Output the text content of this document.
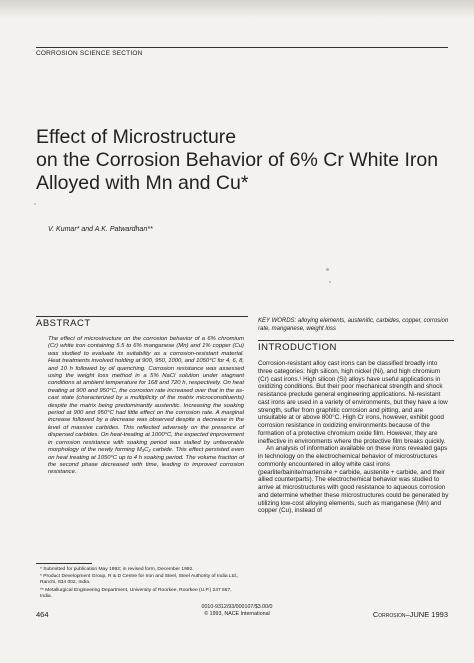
CORROSION SCIENCE SECTION
Effect of Microstructure
on the Corrosion Behavior of 6% Cr White Iron
Alloyed with Mn and Cu*
V. Kumar* and A.K. Patwardhan**
ABSTRACT
The effect of microstructure on the corrosion behavior of a 6% chromium (Cr) white iron containing 5.5 to 6% manganese (Mn) and 1% copper (Cu) was studied to evaluate its suitability as a corrosion-resistant material. Heat treatments involved holding at 900, 950, 1000, and 1050°C for 4, 6, 8, and 10 h followed by oil quenching. Corrosion resistance was assessed using the weight loss method in a 5% NaCl solution under stagnant conditions at ambient temperature for 168 and 720 h, respectively. On heat treating at 900 and 950°C, the corrosion rate increased over that in the as-cast state (characterized by a multiplicity of the matrix microconstituents) despite the matrix being predominantly austenitic. Increasing the soaking period at 900 and 950°C had little effect on the corrosion rate. A marginal increase followed by a decrease was observed despite a decrease in the level of massive carbides. This reflected adversely on the presence of dispersed carbides. On heat-treating at 1000°C, the expected improvement in corrosion resistance with soaking period was stalled by unfavorable morphology of the newly forming M₃C₂ carbide. This effect persisted even on heat treating at 1050°C up to 4 h soaking period. The volume fraction of the second phase decreased with time, leading to improved corrosion resistance.
KEY WORDS: alloying elements, austenitic, carbides, copper, corrosion rate, manganese, weight loss
INTRODUCTION

Corrosion-resistant alloy cast irons can be classified broadly into three categories: high silicon, high nickel (Ni), and high chromium (Cr) cast irons.¹ High silicon (Si) alloys have useful applications in oxidizing conditions. But their poor mechanical strength and shock resistance preclude general engineering applications. Ni-resistant cast irons are used in a variety of environments, but they have a low strength, suffer from graphitic corrosion and pitting, and are unsuitable at or above 800°C. High Cr irons, however, exhibit good corrosion resistance in oxidizing environments because of the formation of a protective chromium oxide film. However, they are ineffective in environments where the protective film breaks quickly.

An analysis of information available on these irons revealed gaps in technology on the electrochemical behavior of microstructures commonly encountered in alloy white cast irons (pearlite/bainite/martensite + carbide, austenite + carbide, and their allied counterparts). The electrochemical behavior was studied to arrive at microstructures with good resistance to aqueous corrosion and determine whether these microstructures could be generated by utilizing low-cost alloying elements, such as manganese (Mn) and copper (Cu), instead of

* Submitted for publication May 1992; in revised form, December 1992.

* Product Development Group, R & D Centre for Iron and Steel, Steel Authority of India Ltd., Ranchi, 834 002, India.

** Metallurgical Engineering Department, University of Roorkee, Roorkee (U.P.) 247 667, India.

464
0010-9312/93/000107/$3.00/0
© 1993, NACE International	Corrosion–JUNE 1993
